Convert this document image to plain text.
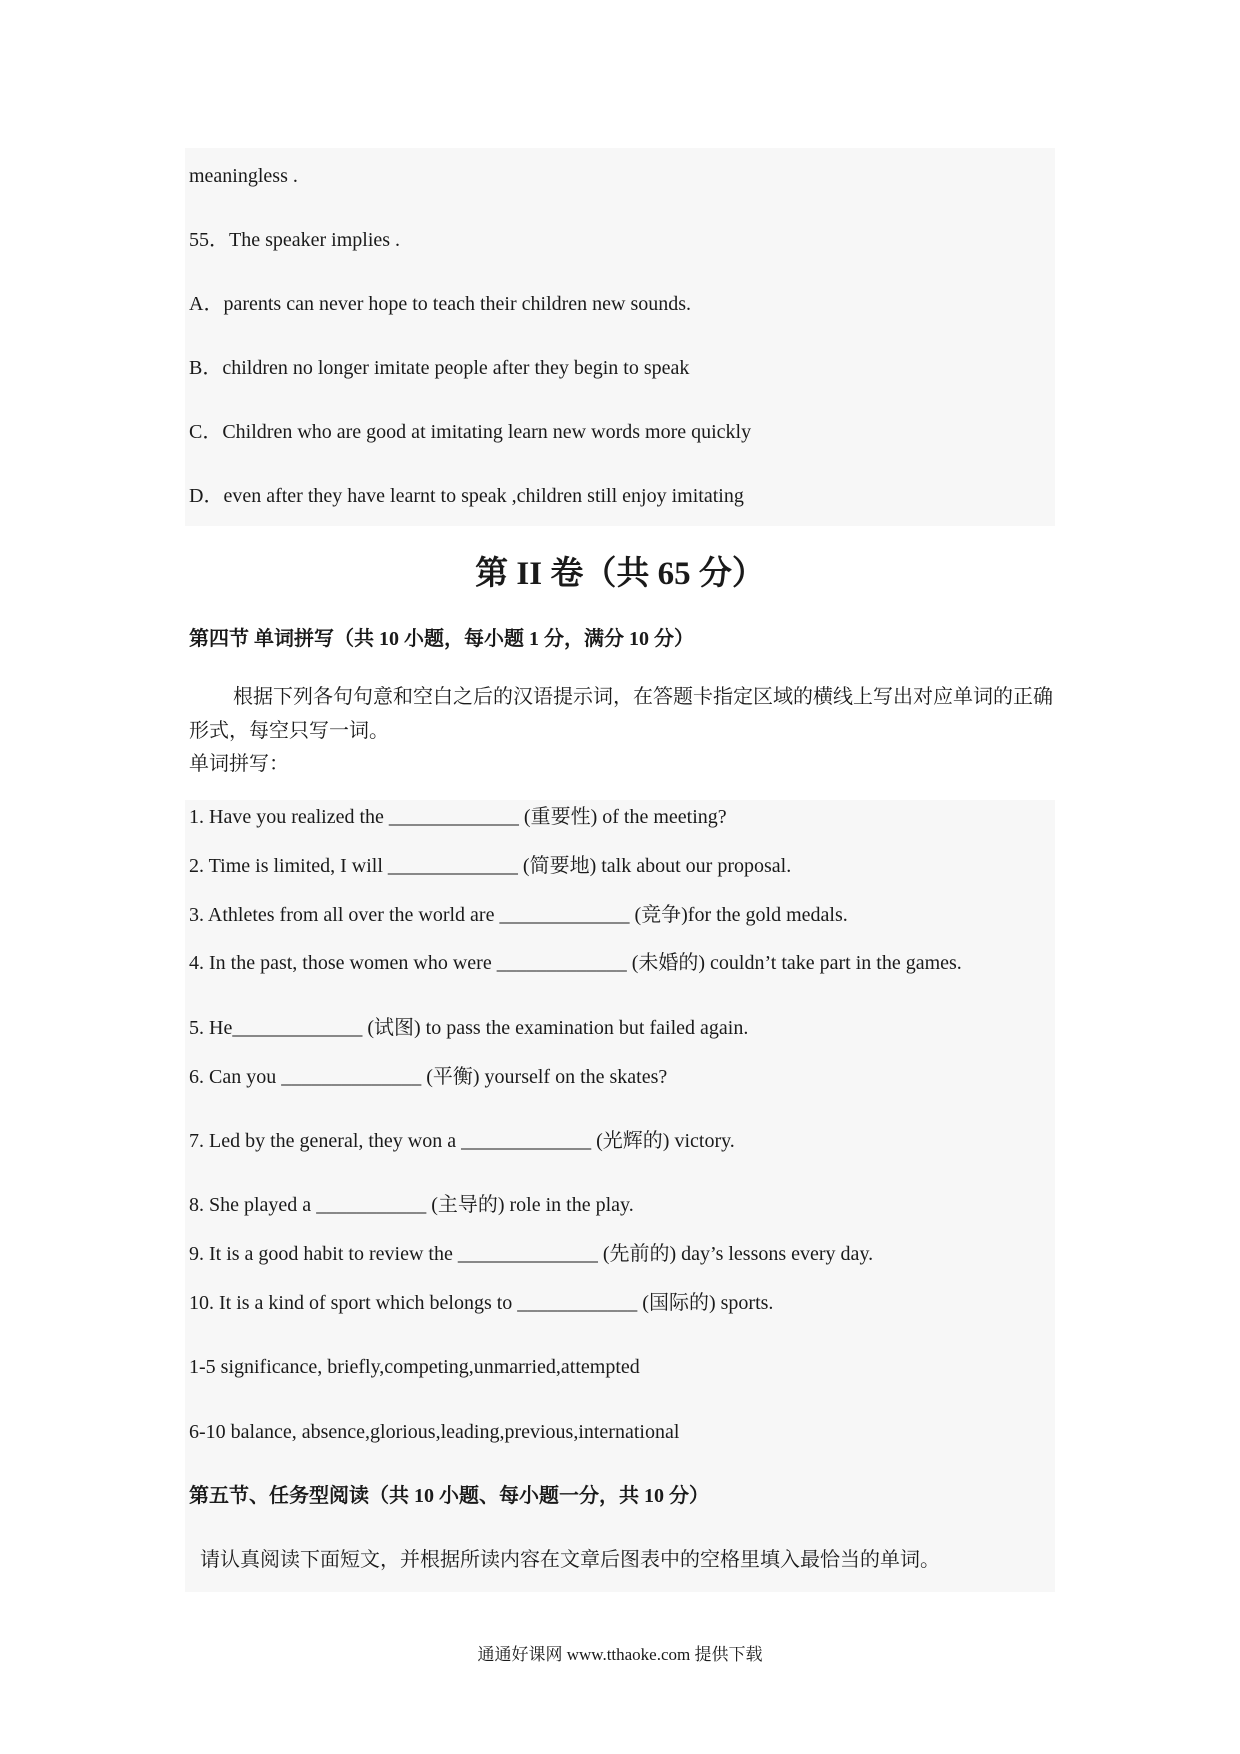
meaningless .
55．The speaker implies .
A．parents can never hope to teach their children new sounds.
B．children no longer imitate people after they begin to speak
C．Children who are good at imitating learn new words more quickly
D．even after they have learnt to speak ,children still enjoy imitating
第 II 卷（共 65 分）
第四节 单词拼写（共 10 小题，每小题 1 分，满分 10 分）
根据下列各句句意和空白之后的汉语提示词，在答题卡指定区域的横线上写出对应单词的正确形式，每空只写一词。
单词拼写：
1. Have you realized the _____________ (重要性) of the meeting?
2. Time is limited, I will _____________ (简要地) talk about our proposal.
3. Athletes from all over the world are _____________ (竞争)for the gold medals.
4. In the past, those women who were _____________ (未婚的) couldn’t take part in the games.
5. He_____________ (试图) to pass the examination but failed again.
6. Can you ______________ (平衡) yourself on the skates?
7. Led by the general, they won a _____________ (光辉的) victory.
8. She played a ___________ (主导的) role in the play.
9. It is a good habit to review the ______________ (先前的) day’s lessons every day.
10. It is a kind of sport which belongs to ____________ (国际的) sports.
1-5 significance, briefly,competing,unmarried,attempted
6-10 balance, absence,glorious,leading,previous,international
第五节、任务型阅读（共 10 小题、每小题一分，共 10 分）
请认真阅读下面短文，并根据所读内容在文章后图表中的空格里填入最恰当的单词。
通通好课网 www.tthaoke.com 提供下载
